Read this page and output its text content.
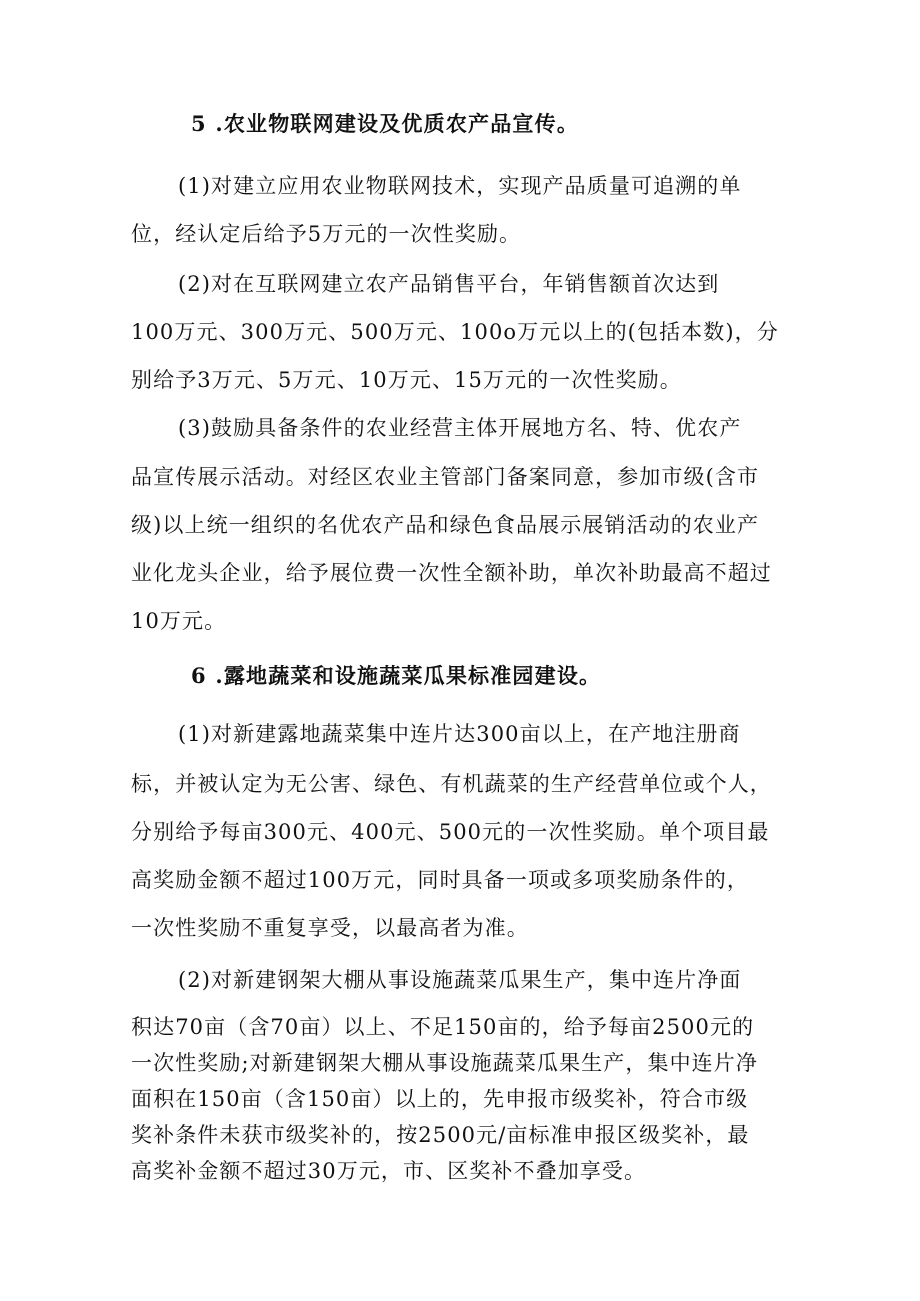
5 .农业物联网建设及优质农产品宣传。
(1)对建立应用农业物联网技术，实现产品质量可追溯的单
位，经认定后给予5万元的一次性奖励。
(2)对在互联网建立农产品销售平台，年销售额首次达到
100万元、300万元、500万元、100o万元以上的(包括本数)，分
别给予3万元、5万元、10万元、15万元的一次性奖励。
(3)鼓励具备条件的农业经营主体开展地方名、特、优农产
品宣传展示活动。对经区农业主管部门备案同意，参加市级(含市
级)以上统一组织的名优农产品和绿色食品展示展销活动的农业产
业化龙头企业，给予展位费一次性全额补助，单次补助最高不超过
10万元。
6 .露地蔬菜和设施蔬菜瓜果标准园建设。
(1)对新建露地蔬菜集中连片达300亩以上，在产地注册商
标，并被认定为无公害、绿色、有机蔬菜的生产经营单位或个人，
分别给予每亩300元、400元、500元的一次性奖励。单个项目最
高奖励金额不超过100万元，同时具备一项或多项奖励条件的，
一次性奖励不重复享受，以最高者为准。
(2)对新建钢架大棚从事设施蔬菜瓜果生产，集中连片净面
积达70亩（含70亩）以上、不足150亩的，给予每亩2500元的
一次性奖励;对新建钢架大棚从事设施蔬菜瓜果生产，集中连片净
面积在150亩（含150亩）以上的，先申报市级奖补，符合市级
奖补条件未获市级奖补的，按2500元/亩标准申报区级奖补，最
高奖补金额不超过30万元，市、区奖补不叠加享受。
